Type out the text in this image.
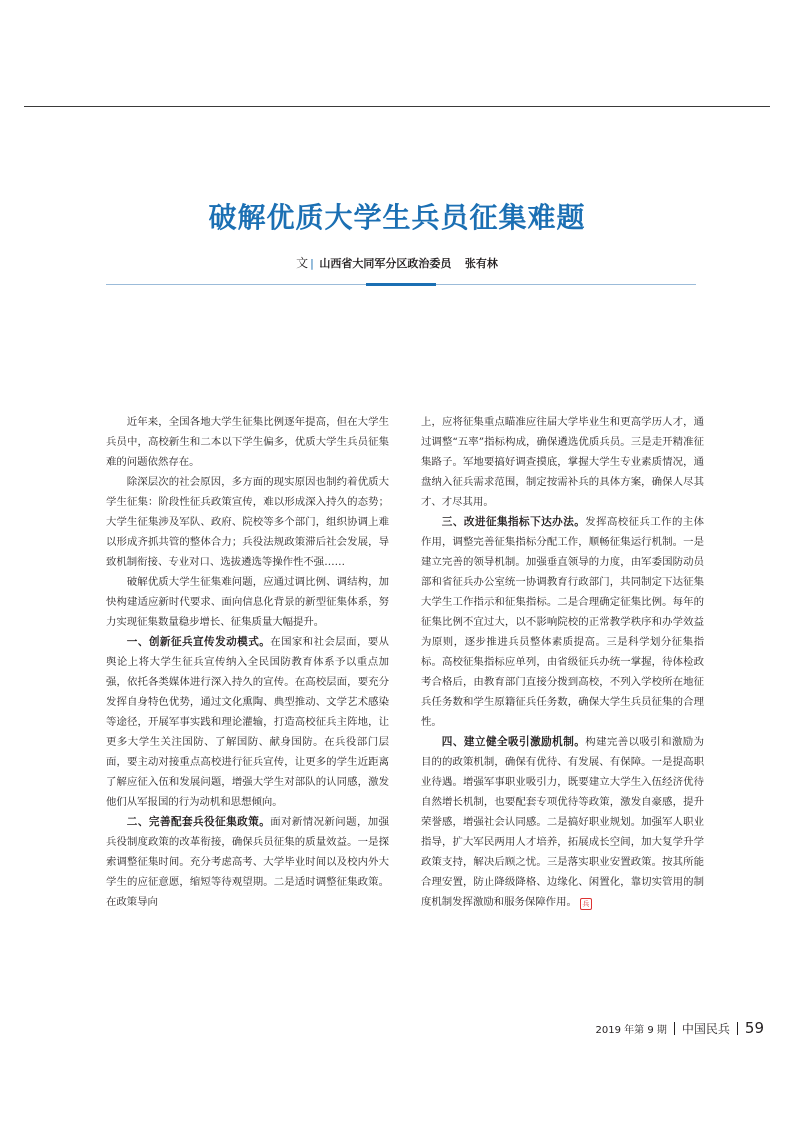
破解优质大学生兵员征集难题
文 | 山西省大同军分区政治委员 张有林

近年来，全国各地大学生征集比例逐年提高，但在大学生兵员中，高校新生和二本以下学生偏多，优质大学生兵员征集难的问题依然存在。

除深层次的社会原因，多方面的现实原因也制约着优质大学生征集：阶段性征兵政策宣传，难以形成深入持久的态势；大学生征集涉及军队、政府、院校等多个部门，组织协调上难以形成齐抓共管的整体合力；兵役法规政策滞后社会发展，导致机制衔接、专业对口、选拔遴选等操作性不强……

破解优质大学生征集难问题，应通过调比例、调结构，加快构建适应新时代要求、面向信息化背景的新型征集体系，努力实现征集数量稳步增长、征集质量大幅提升。

一、创新征兵宣传发动模式。在国家和社会层面，要从舆论上将大学生征兵宣传纳入全民国防教育体系予以重点加强，依托各类媒体进行深入持久的宣传。在高校层面，要充分发挥自身特色优势，通过文化熏陶、典型推动、文学艺术感染等途径，开展军事实践和理论灌输，打造高校征兵主阵地，让更多大学生关注国防、了解国防、献身国防。在兵役部门层面，要主动对接重点高校进行征兵宣传，让更多的学生近距离了解应征入伍和发展问题，增强大学生对部队的认同感，激发他们从军报国的行为动机和思想倾向。

二、完善配套兵役征集政策。面对新情况新问题，加强兵役制度政策的改革衔接，确保兵员征集的质量效益。一是探索调整征集时间。充分考虑高考、大学毕业时间以及校内外大学生的应征意愿，缩短等待观望期。二是适时调整征集政策。在政策导向

上，应将征集重点瞄准应往届大学毕业生和更高学历人才，通过调整“五率”指标构成，确保遴选优质兵员。三是走开精准征集路子。军地要搞好调查摸底，掌握大学生专业素质情况，通盘纳入征兵需求范围，制定按需补兵的具体方案，确保人尽其才、才尽其用。

三、改进征集指标下达办法。发挥高校征兵工作的主体作用，调整完善征集指标分配工作，顺畅征集运行机制。一是建立完善的领导机制。加强垂直领导的力度，由军委国防动员部和省征兵办公室统一协调教育行政部门，共同制定下达征集大学生工作指示和征集指标。二是合理确定征集比例。每年的征集比例不宜过大，以不影响院校的正常教学秩序和办学效益为原则，逐步推进兵员整体素质提高。三是科学划分征集指标。高校征集指标应单列，由省级征兵办统一掌握，待体检政考合格后，由教育部门直接分拨到高校，不列入学校所在地征兵任务数和学生原籍征兵任务数，确保大学生兵员征集的合理性。

四、建立健全吸引激励机制。构建完善以吸引和激励为目的的政策机制，确保有优待、有发展、有保障。一是提高职业待遇。增强军事职业吸引力，既要建立大学生入伍经济优待自然增长机制，也要配套专项优待等政策，激发自豪感，提升荣誉感，增强社会认同感。二是搞好职业规划。加强军人职业指导，扩大军民两用人才培养，拓展成长空间，加大复学升学政策支持，解决后顾之忧。三是落实职业安置政策。按其所能合理安置，防止降级降格、边缘化、闲置化，靠切实管用的制度机制发挥激励和服务保障作用。 兵

2019 年第 9 期 中国民兵 59
